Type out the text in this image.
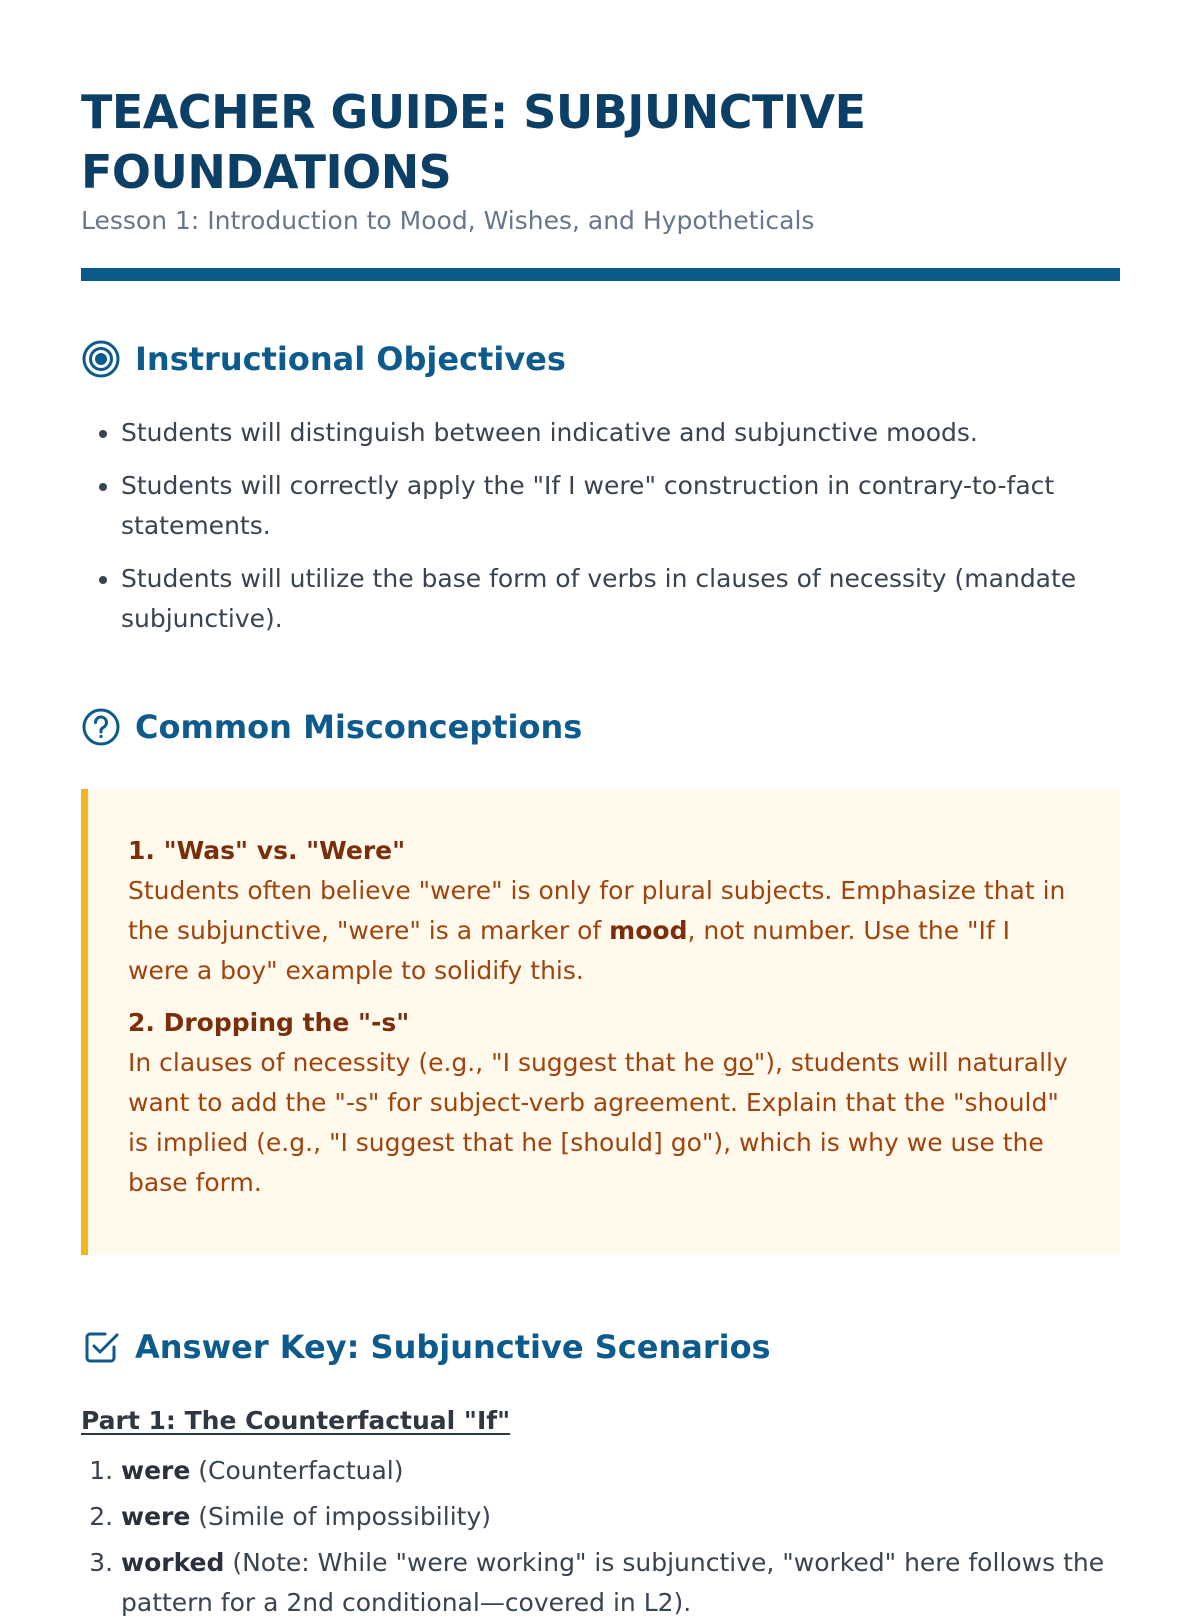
TEACHER GUIDE: SUBJUNCTIVE FOUNDATIONS
Lesson 1: Introduction to Mood, Wishes, and Hypotheticals
Instructional Objectives
• Students will distinguish between indicative and subjunctive moods.
• Students will correctly apply the "If I were" construction in contrary-to-fact statements.
• Students will utilize the base form of verbs in clauses of necessity (mandate subjunctive).
Common Misconceptions
1. "Was" vs. "Were"
Students often believe "were" is only for plural subjects. Emphasize that in the subjunctive, "were" is a marker of mood, not number. Use the "If I were a boy" example to solidify this.
2. Dropping the "-s"
In clauses of necessity (e.g., "I suggest that he go"), students will naturally want to add the "-s" for subject-verb agreement. Explain that the "should" is implied (e.g., "I suggest that he [should] go"), which is why we use the base form.
Answer Key: Subjunctive Scenarios
Part 1: The Counterfactual "If"
1. were (Counterfactual)
2. were (Simile of impossibility)
3. worked (Note: While "were working" is subjunctive, "worked" here follows the pattern for a 2nd conditional—covered in L2).
